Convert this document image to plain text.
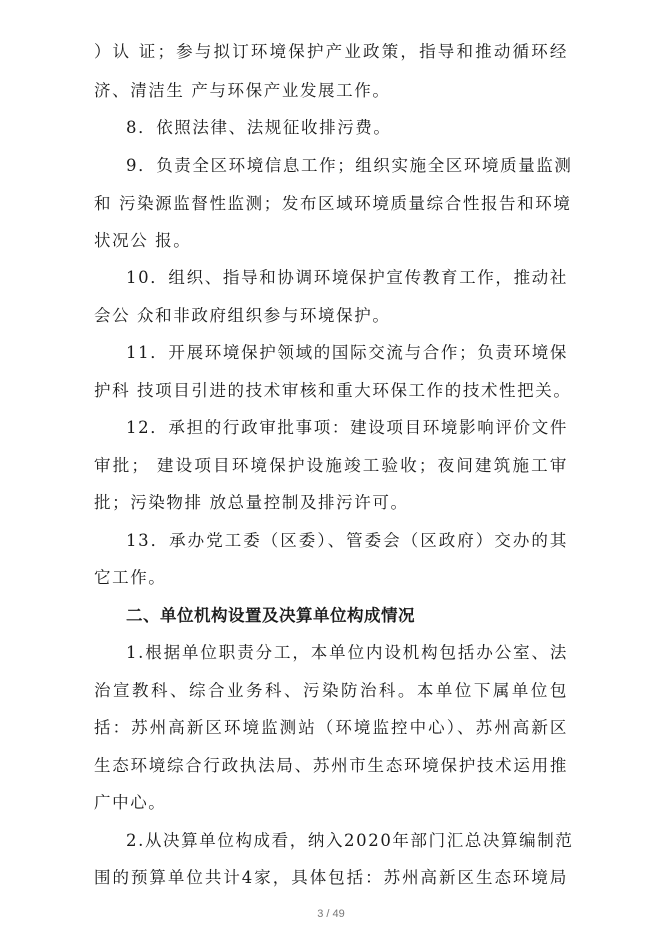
）认 证；参与拟订环境保护产业政策，指导和推动循环经
济、清洁生 产与环保产业发展工作。
8．依照法律、法规征收排污费。
9．负责全区环境信息工作；组织实施全区环境质量监测
和 污染源监督性监测；发布区域环境质量综合性报告和环境
状况公 报。
10．组织、指导和协调环境保护宣传教育工作，推动社
会公 众和非政府组织参与环境保护。
11．开展环境保护领域的国际交流与合作；负责环境保
护科 技项目引进的技术审核和重大环保工作的技术性把关。
12．承担的行政审批事项：建设项目环境影响评价文件
审批； 建设项目环境保护设施竣工验收；夜间建筑施工审
批；污染物排 放总量控制及排污许可。
13．承办党工委（区委）、管委会（区政府）交办的其
它工作。
二、单位机构设置及决算单位构成情况
1.根据单位职责分工，本单位内设机构包括办公室、法
治宣教科、综合业务科、污染防治科。本单位下属单位包
括：苏州高新区环境监测站（环境监控中心）、苏州高新区
生态环境综合行政执法局、苏州市生态环境保护技术运用推
广中心。
2.从决算单位构成看，纳入2020年部门汇总决算编制范
围的预算单位共计4家，具体包括：苏州高新区生态环境局
3 / 49
